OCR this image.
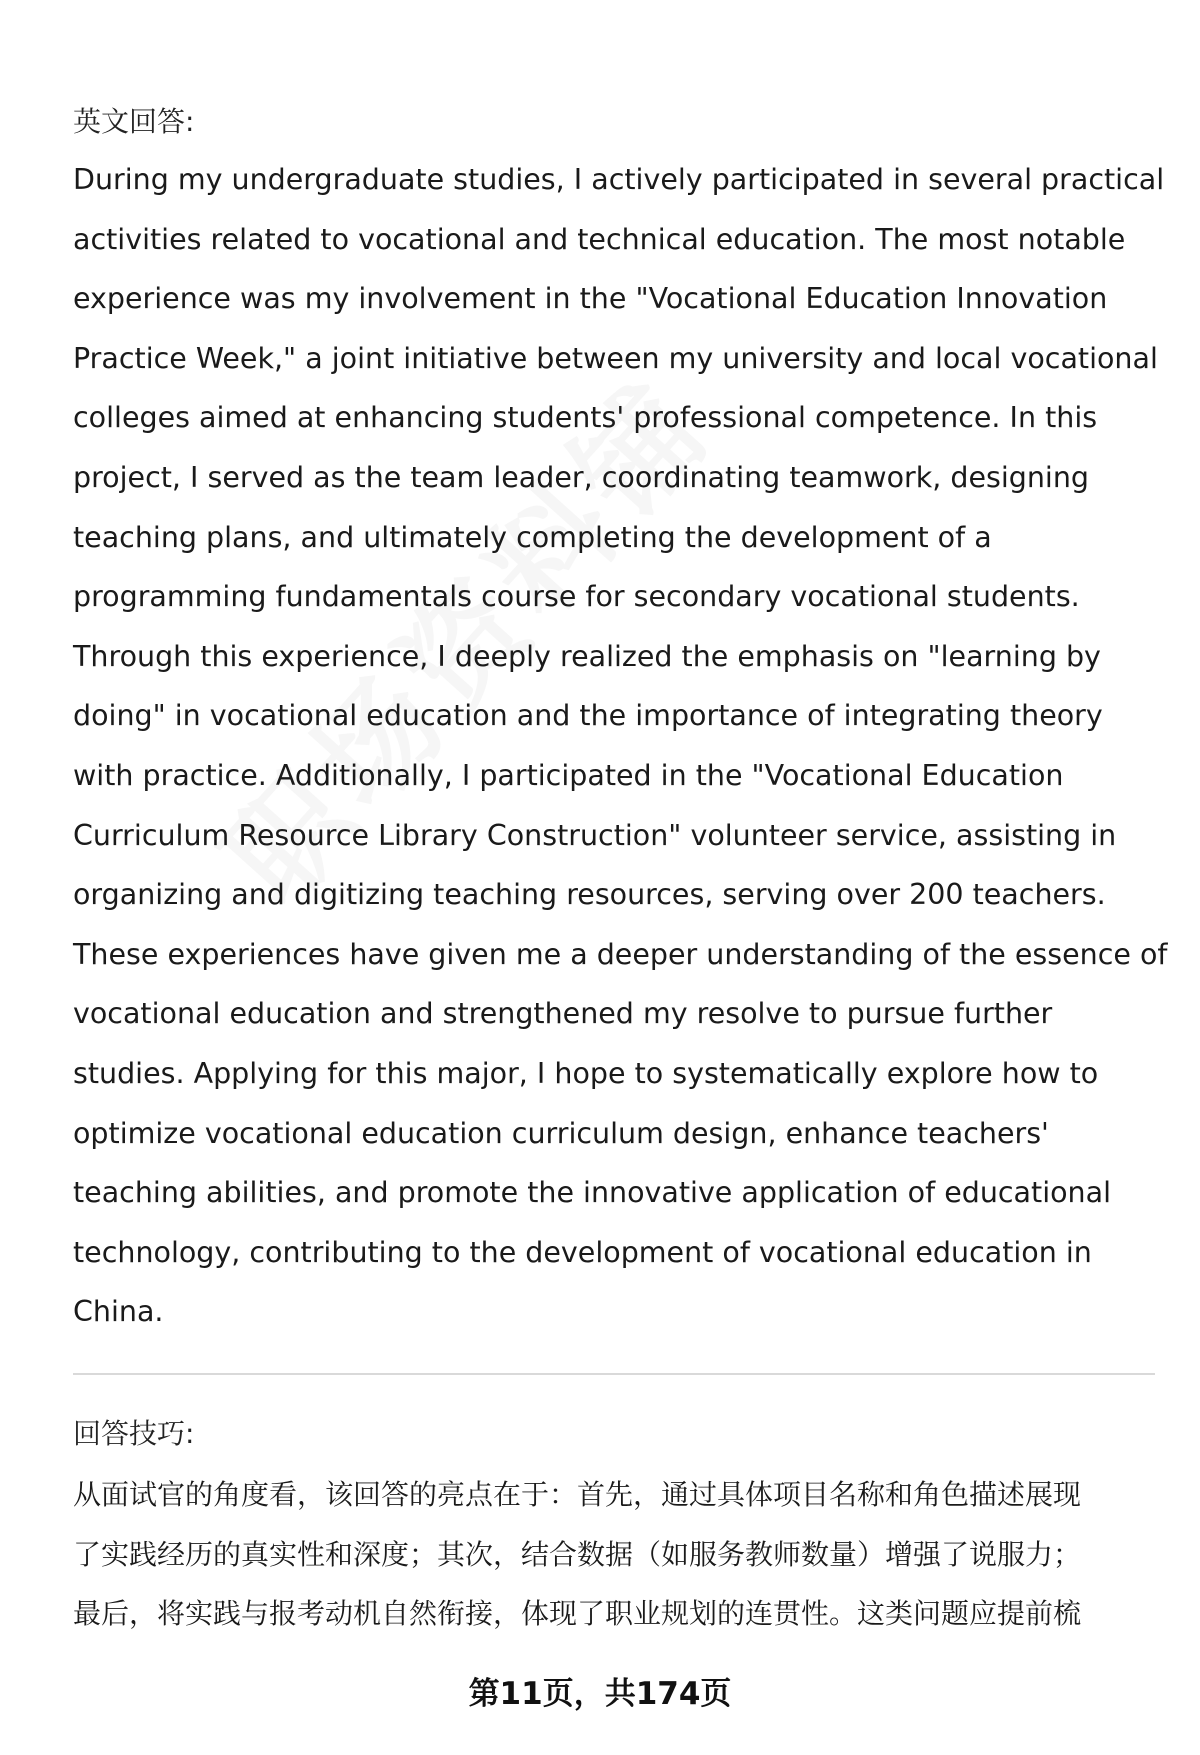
英文回答:
During my undergraduate studies, I actively participated in several practical
activities related to vocational and technical education. The most notable
experience was my involvement in the "Vocational Education Innovation
Practice Week," a joint initiative between my university and local vocational
colleges aimed at enhancing students' professional competence. In this
project, I served as the team leader, coordinating teamwork, designing
teaching plans, and ultimately completing the development of a
programming fundamentals course for secondary vocational students.
Through this experience, I deeply realized the emphasis on "learning by
doing" in vocational education and the importance of integrating theory
with practice. Additionally, I participated in the "Vocational Education
Curriculum Resource Library Construction" volunteer service, assisting in
organizing and digitizing teaching resources, serving over 200 teachers.
These experiences have given me a deeper understanding of the essence of
vocational education and strengthened my resolve to pursue further
studies. Applying for this major, I hope to systematically explore how to
optimize vocational education curriculum design, enhance teachers'
teaching abilities, and promote the innovative application of educational
technology, contributing to the development of vocational education in
China.
回答技巧:
从面试官的角度看，该回答的亮点在于：首先，通过具体项目名称和角色描述展现
了实践经历的真实性和深度；其次，结合数据（如服务教师数量）增强了说服力；
最后，将实践与报考动机自然衔接，体现了职业规划的连贯性。这类问题应提前梳
第11页，共174页
